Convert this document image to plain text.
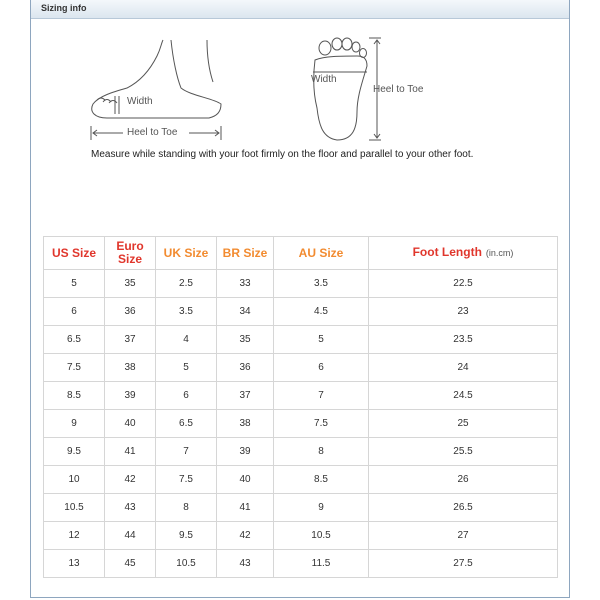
Sizing info
Width
Heel to Toe
Width
Heel to Toe
Measure while standing with your foot firmly on the floor and parallel to your other foot.
US Size	Euro Size	UK Size	BR Size	AU Size	Foot Length (in.cm)
5	35	2.5	33	3.5	22.5
6	36	3.5	34	4.5	23
6.5	37	4	35	5	23.5
7.5	38	5	36	6	24
8.5	39	6	37	7	24.5
9	40	6.5	38	7.5	25
9.5	41	7	39	8	25.5
10	42	7.5	40	8.5	26
10.5	43	8	41	9	26.5
12	44	9.5	42	10.5	27
13	45	10.5	43	11.5	27.5
